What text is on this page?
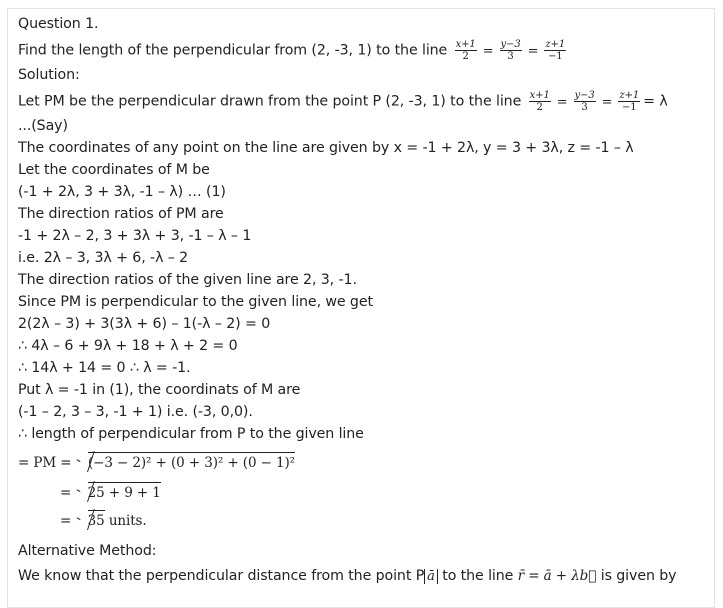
Question 1.
Find the length of the perpendicular from (2, -3, 1) to the line $\frac{x+1}{2} = \frac{y-3}{3} = \frac{z+1}{-1}$
Solution:
Let PM be the perpendicular drawn from the point P (2, -3, 1) to the line $\frac{x+1}{2} = \frac{y-3}{3} = \frac{z+1}{-1} = \lambda$
...(Say)
The coordinates of any point on the line are given by x = -1 + 2λ, y = 3 + 3λ, z = -1 – λ
Let the coordinates of M be
(-1 + 2λ, 3 + 3λ, -1 – λ) … (1)
The direction ratios of PM are
-1 + 2λ – 2, 3 + 3λ + 3, -1 – λ – 1
i.e. 2λ – 3, 3λ + 6, -λ – 2
The direction ratios of the given line are 2, 3, -1.
Since PM is perpendicular to the given line, we get
2(2λ – 3) + 3(3λ + 6) – 1(-λ – 2) = 0
∴ 4λ – 6 + 9λ + 18 + λ + 2 = 0
∴ 14λ + 14 = 0 ∴ λ = -1.
Put λ = -1 in (1), the coordinats of M are
(-1 – 2, 3 – 3, -1 + 1) i.e. (-3, 0,0).
∴ length of perpendicular from P to the given line
= PM = (−3 − 2)² + (0 + 3)² + (0 − 1)²
= 25 + 9 + 1
= 35 units.
Alternative Method:
We know that the perpendicular distance from the point P ā to the line r̄ = ā + λb⃗ is given by
